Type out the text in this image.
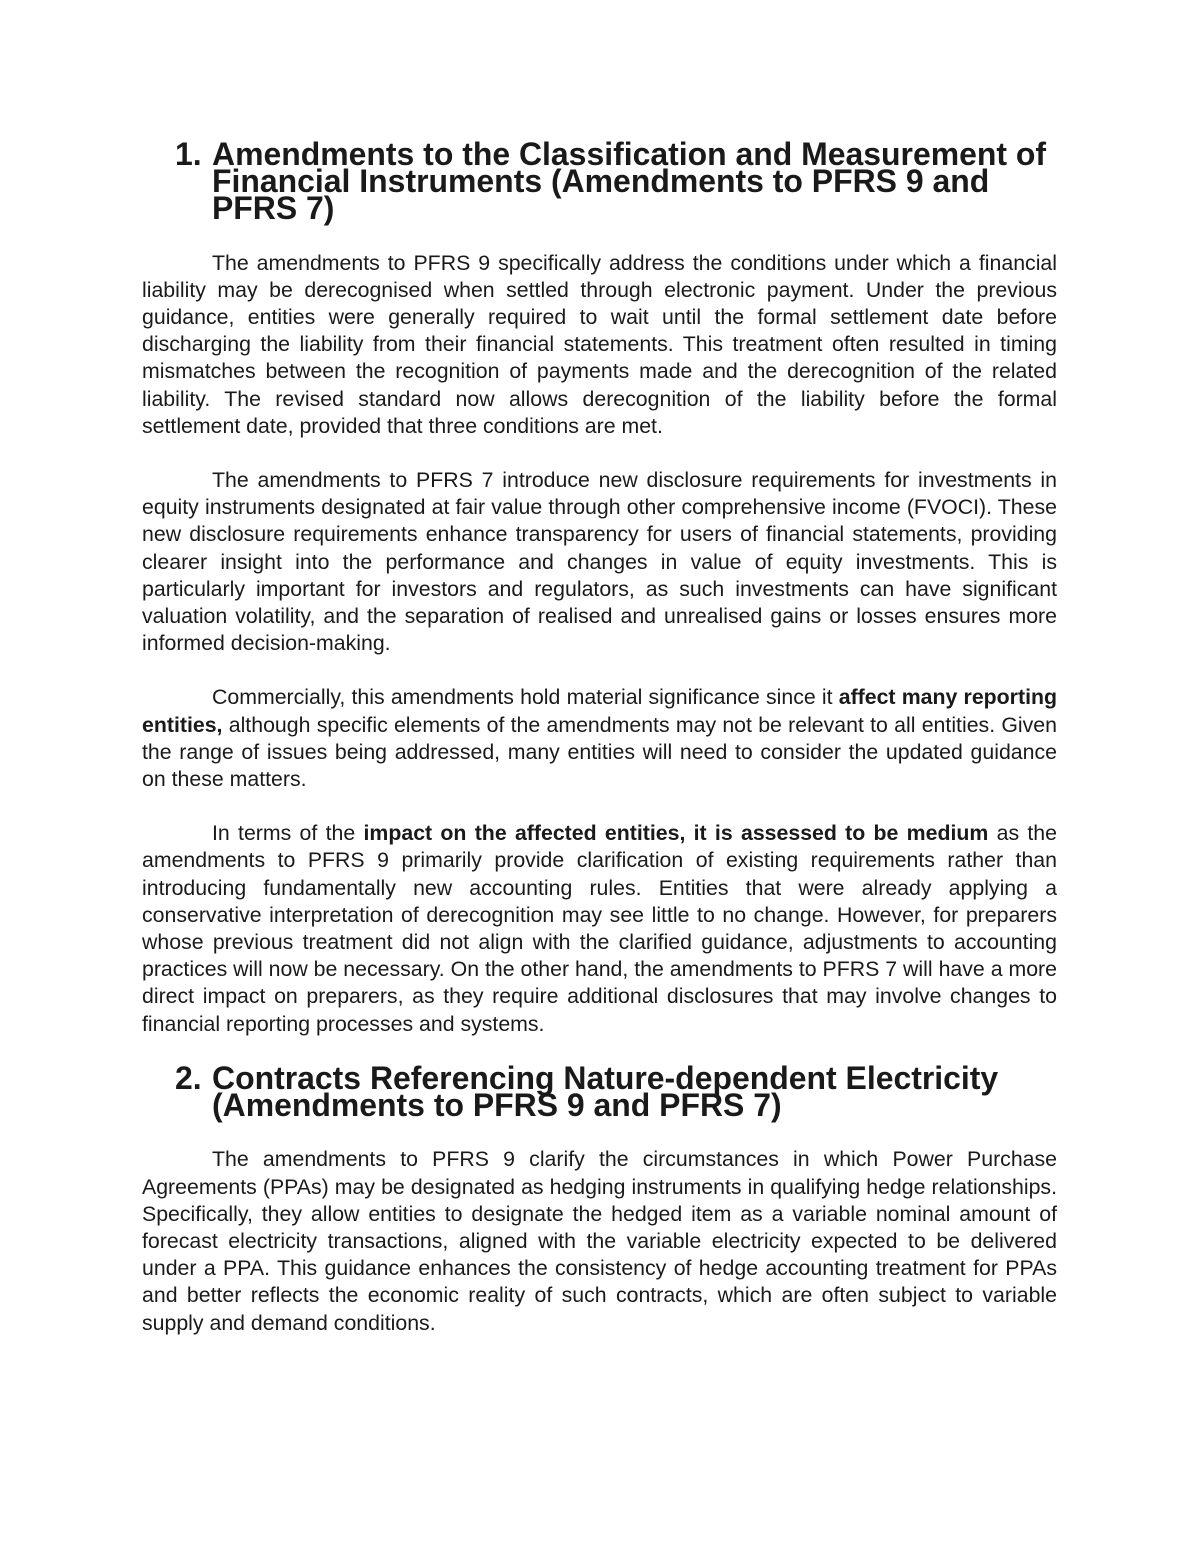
1. Amendments to the Classification and Measurement of Financial Instruments (Amendments to PFRS 9 and PFRS 7)

The amendments to PFRS 9 specifically address the conditions under which a financial liability may be derecognised when settled through electronic payment. Under the previous guidance, entities were generally required to wait until the formal settlement date before discharging the liability from their financial statements. This treatment often resulted in timing mismatches between the recognition of payments made and the derecognition of the related liability. The revised standard now allows derecognition of the liability before the formal settlement date, provided that three conditions are met.

The amendments to PFRS 7 introduce new disclosure requirements for investments in equity instruments designated at fair value through other comprehensive income (FVOCI). These new disclosure requirements enhance transparency for users of financial statements, providing clearer insight into the performance and changes in value of equity investments. This is particularly important for investors and regulators, as such investments can have significant valuation volatility, and the separation of realised and unrealised gains or losses ensures more informed decision-making.

Commercially, this amendments hold material significance since it affect many reporting entities, although specific elements of the amendments may not be relevant to all entities. Given the range of issues being addressed, many entities will need to consider the updated guidance on these matters.

In terms of the impact on the affected entities, it is assessed to be medium as the amendments to PFRS 9 primarily provide clarification of existing requirements rather than introducing fundamentally new accounting rules. Entities that were already applying a conservative interpretation of derecognition may see little to no change. However, for preparers whose previous treatment did not align with the clarified guidance, adjustments to accounting practices will now be necessary. On the other hand, the amendments to PFRS 7 will have a more direct impact on preparers, as they require additional disclosures that may involve changes to financial reporting processes and systems.

2. Contracts Referencing Nature-dependent Electricity (Amendments to PFRS 9 and PFRS 7)

The amendments to PFRS 9 clarify the circumstances in which Power Purchase Agreements (PPAs) may be designated as hedging instruments in qualifying hedge relationships. Specifically, they allow entities to designate the hedged item as a variable nominal amount of forecast electricity transactions, aligned with the variable electricity expected to be delivered under a PPA. This guidance enhances the consistency of hedge accounting treatment for PPAs and better reflects the economic reality of such contracts, which are often subject to variable supply and demand conditions.
